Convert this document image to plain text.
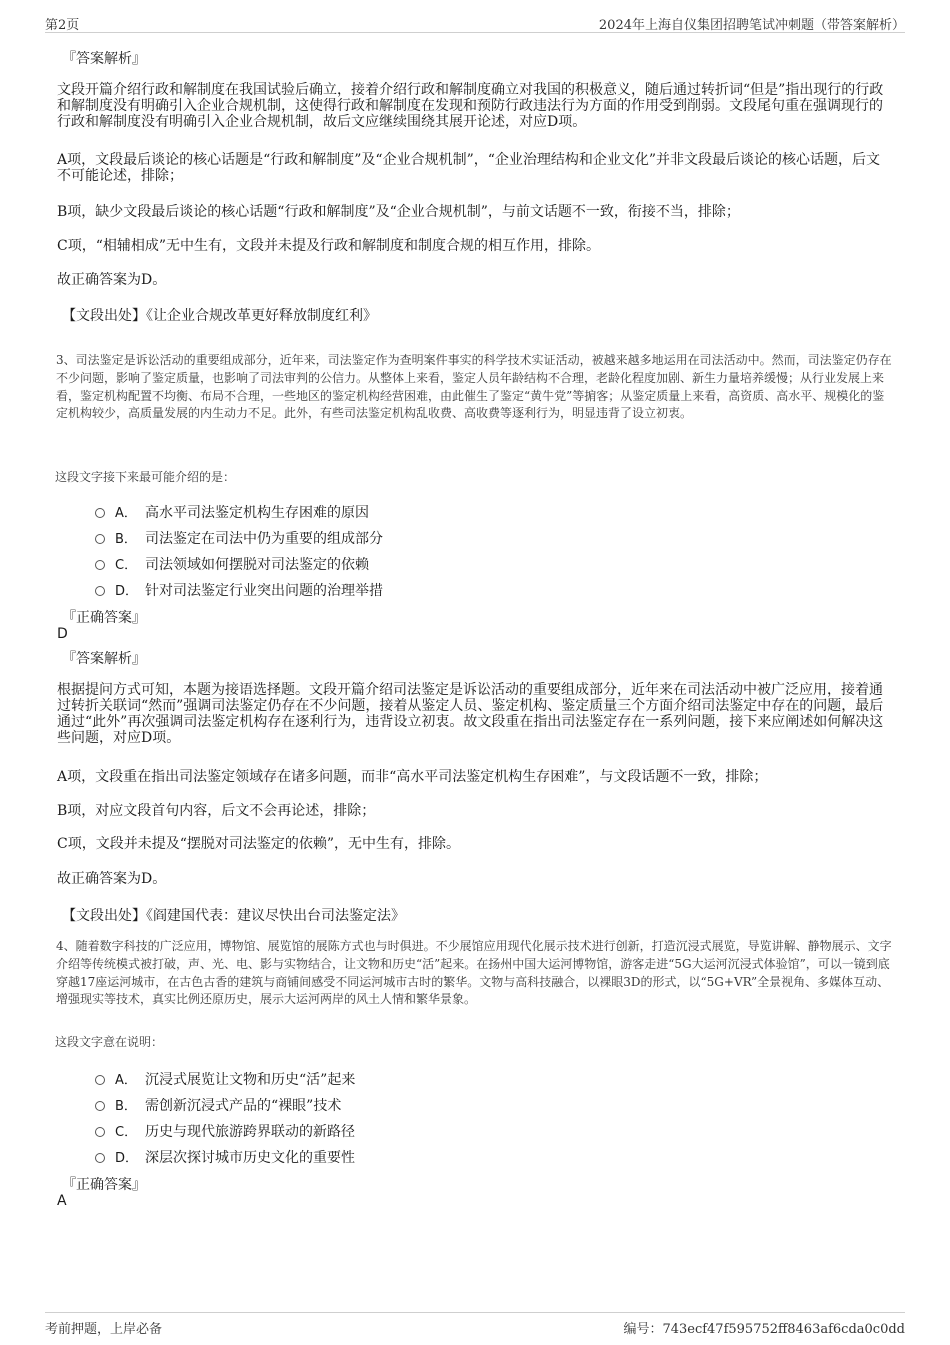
第2页	2024年上海自仪集团招聘笔试冲刺题（带答案解析）
『答案解析』

文段开篇介绍行政和解制度在我国试验后确立，接着介绍行政和解制度确立对我国的积极意义，随后通过转折词“但是”指出现行的行政和解制度没有明确引入企业合规机制，这使得行政和解制度在发现和预防行政违法行为方面的作用受到削弱。文段尾句重在强调现行的行政和解制度没有明确引入企业合规机制，故后文应继续围绕其展开论述，对应D项。

A项，文段最后谈论的核心话题是“行政和解制度”及“企业合规机制”，“企业治理结构和企业文化”并非文段最后谈论的核心话题，后文不可能论述，排除；

B项，缺少文段最后谈论的核心话题“行政和解制度”及“企业合规机制”，与前文话题不一致，衔接不当，排除；

C项，“相辅相成”无中生有，文段并未提及行政和解制度和制度合规的相互作用，排除。

故正确答案为D。

【文段出处】《让企业合规改革更好释放制度红利》

3、司法鉴定是诉讼活动的重要组成部分，近年来，司法鉴定作为查明案件事实的科学技术实证活动，被越来越多地运用在司法活动中。然而，司法鉴定仍存在不少问题，影响了鉴定质量，也影响了司法审判的公信力。从整体上来看，鉴定人员年龄结构不合理，老龄化程度加剧、新生力量培养缓慢；从行业发展上来看，鉴定机构配置不均衡、布局不合理，一些地区的鉴定机构经营困难，由此催生了鉴定“黄牛党”等掮客；从鉴定质量上来看，高资质、高水平、规模化的鉴定机构较少，高质量发展的内生动力不足。此外，有些司法鉴定机构乱收费、高收费等逐利行为，明显违背了设立初衷。

这段文字接下来最可能介绍的是：
A． 高水平司法鉴定机构生存困难的原因
B． 司法鉴定在司法中仍为重要的组成部分
C． 司法领域如何摆脱对司法鉴定的依赖
D． 针对司法鉴定行业突出问题的治理举措
『正确答案』
D
『答案解析』

根据提问方式可知，本题为接语选择题。文段开篇介绍司法鉴定是诉讼活动的重要组成部分，近年来在司法活动中被广泛应用，接着通过转折关联词“然而”强调司法鉴定仍存在不少问题，接着从鉴定人员、鉴定机构、鉴定质量三个方面介绍司法鉴定中存在的问题，最后通过“此外”再次强调司法鉴定机构存在逐利行为，违背设立初衷。故文段重在指出司法鉴定存在一系列问题，接下来应阐述如何解决这些问题，对应D项。

A项，文段重在指出司法鉴定领域存在诸多问题，而非“高水平司法鉴定机构生存困难”，与文段话题不一致，排除；

B项，对应文段首句内容，后文不会再论述，排除；

C项，文段并未提及“摆脱对司法鉴定的依赖”，无中生有，排除。

故正确答案为D。

【文段出处】《阎建国代表：建议尽快出台司法鉴定法》

4、随着数字科技的广泛应用，博物馆、展览馆的展陈方式也与时俱进。不少展馆应用现代化展示技术进行创新，打造沉浸式展览，导览讲解、静物展示、文字介绍等传统模式被打破，声、光、电、影与实物结合，让文物和历史“活”起来。在扬州中国大运河博物馆，游客走进“5G大运河沉浸式体验馆”，可以一镜到底穿越17座运河城市，在古色古香的建筑与商铺间感受不同运河城市古时的繁华。文物与高科技融合，以裸眼3D的形式，以“5G+VR”全景视角、多媒体互动、增强现实等技术，真实比例还原历史，展示大运河两岸的风土人情和繁华景象。

这段文字意在说明：
A． 沉浸式展览让文物和历史“活”起来
B． 需创新沉浸式产品的“裸眼”技术
C． 历史与现代旅游跨界联动的新路径
D． 深层次探讨城市历史文化的重要性
『正确答案』
A
考前押题，上岸必备	编号：743ecf47f595752ff8463af6cda0c0dd
